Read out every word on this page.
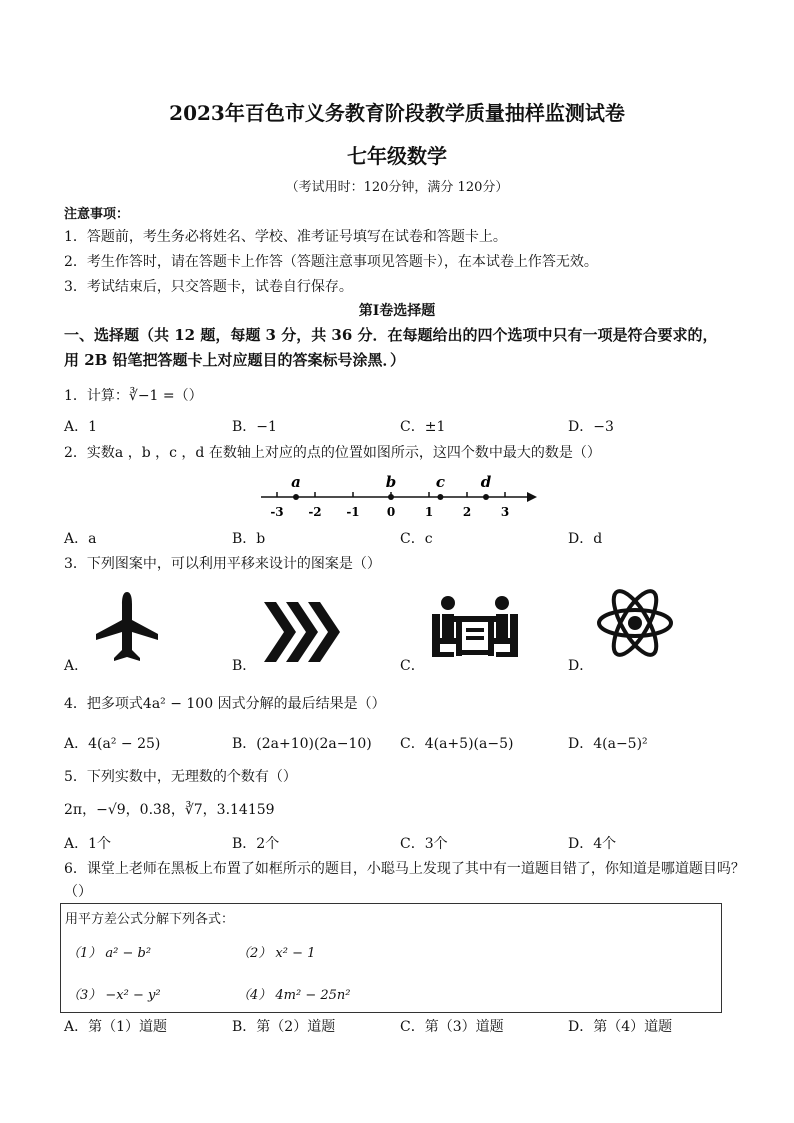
2023年百色市义务教育阶段教学质量抽样监测试卷
七年级数学
（考试用时：120分钟，满分 120分）
注意事项：
1．答题前，考生务必将姓名、学校、准考证号填写在试卷和答题卡上。
2．考生作答时，请在答题卡上作答（答题注意事项见答题卡），在本试卷上作答无效。
3．考试结束后，只交答题卡，试卷自行保存。
第Ⅰ卷选择题
一、选择题（共 12 题，每题 3 分，共 36 分．在每题给出的四个选项中只有一项是符合要求的，
用 2B 铅笔把答题卡上对应题目的答案标号涂黑．）
1．计算：∛−1 =（）
A．1	B．−1	C．±1	D．−3
2．实数a ，b ，c ，d 在数轴上对应的点的位置如图所示，这四个数中最大的数是（）
-3 -2 -1 0 1 2 3
a	b	c d
A．a	B．b	C．c	D．d
3．下列图案中，可以利用平移来设计的图案是（）
A．	B．	C．	D．
4．把多项式4a² − 100 因式分解的最后结果是（）
A．4(a² − 25)	B．(2a+10)(2a−10) C．4(a+5)(a−5)	D．4(a−5)²
5．下列实数中，无理数的个数有（）
2π，−√9，0.3̇8̇，∛7，3.14159
A．1个	B．2个	C．3个	D．4个
6．课堂上老师在黑板上布置了如框所示的题目，小聪马上发现了其中有一道题目错了，你知道是哪道题目吗？
（）
用平方差公式分解下列各式：
（1） a² − b²	（2） x² − 1
（3） −x² − y²	（4） 4m² − 25n²
A．第（1）道题	B．第（2）道题	C．第（3）道题	D．第（4）道题
